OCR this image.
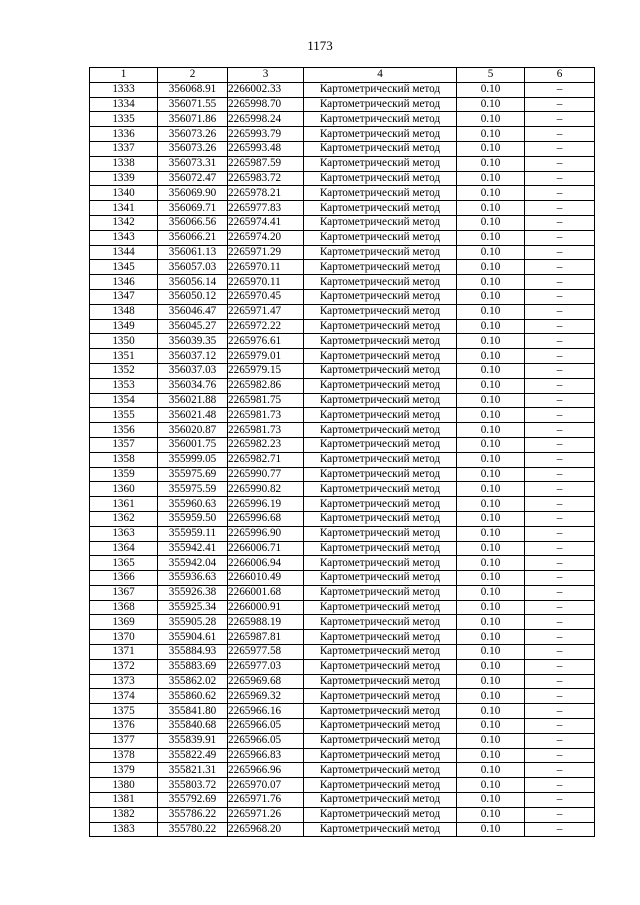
1173
1	2	3	4	5	6
1333	356068.91	2266002.33	Картометрический метод	0.10	–
1334	356071.55	2265998.70	Картометрический метод	0.10	–
1335	356071.86	2265998.24	Картометрический метод	0.10	–
1336	356073.26	2265993.79	Картометрический метод	0.10	–
1337	356073.26	2265993.48	Картометрический метод	0.10	–
1338	356073.31	2265987.59	Картометрический метод	0.10	–
1339	356072.47	2265983.72	Картометрический метод	0.10	–
1340	356069.90	2265978.21	Картометрический метод	0.10	–
1341	356069.71	2265977.83	Картометрический метод	0.10	–
1342	356066.56	2265974.41	Картометрический метод	0.10	–
1343	356066.21	2265974.20	Картометрический метод	0.10	–
1344	356061.13	2265971.29	Картометрический метод	0.10	–
1345	356057.03	2265970.11	Картометрический метод	0.10	–
1346	356056.14	2265970.11	Картометрический метод	0.10	–
1347	356050.12	2265970.45	Картометрический метод	0.10	–
1348	356046.47	2265971.47	Картометрический метод	0.10	–
1349	356045.27	2265972.22	Картометрический метод	0.10	–
1350	356039.35	2265976.61	Картометрический метод	0.10	–
1351	356037.12	2265979.01	Картометрический метод	0.10	–
1352	356037.03	2265979.15	Картометрический метод	0.10	–
1353	356034.76	2265982.86	Картометрический метод	0.10	–
1354	356021.88	2265981.75	Картометрический метод	0.10	–
1355	356021.48	2265981.73	Картометрический метод	0.10	–
1356	356020.87	2265981.73	Картометрический метод	0.10	–
1357	356001.75	2265982.23	Картометрический метод	0.10	–
1358	355999.05	2265982.71	Картометрический метод	0.10	–
1359	355975.69	2265990.77	Картометрический метод	0.10	–
1360	355975.59	2265990.82	Картометрический метод	0.10	–
1361	355960.63	2265996.19	Картометрический метод	0.10	–
1362	355959.50	2265996.68	Картометрический метод	0.10	–
1363	355959.11	2265996.90	Картометрический метод	0.10	–
1364	355942.41	2266006.71	Картометрический метод	0.10	–
1365	355942.04	2266006.94	Картометрический метод	0.10	–
1366	355936.63	2266010.49	Картометрический метод	0.10	–
1367	355926.38	2266001.68	Картометрический метод	0.10	–
1368	355925.34	2266000.91	Картометрический метод	0.10	–
1369	355905.28	2265988.19	Картометрический метод	0.10	–
1370	355904.61	2265987.81	Картометрический метод	0.10	–
1371	355884.93	2265977.58	Картометрический метод	0.10	–
1372	355883.69	2265977.03	Картометрический метод	0.10	–
1373	355862.02	2265969.68	Картометрический метод	0.10	–
1374	355860.62	2265969.32	Картометрический метод	0.10	–
1375	355841.80	2265966.16	Картометрический метод	0.10	–
1376	355840.68	2265966.05	Картометрический метод	0.10	–
1377	355839.91	2265966.05	Картометрический метод	0.10	–
1378	355822.49	2265966.83	Картометрический метод	0.10	–
1379	355821.31	2265966.96	Картометрический метод	0.10	–
1380	355803.72	2265970.07	Картометрический метод	0.10	–
1381	355792.69	2265971.76	Картометрический метод	0.10	–
1382	355786.22	2265971.26	Картометрический метод	0.10	–
1383	355780.22	2265968.20	Картометрический метод	0.10	–
